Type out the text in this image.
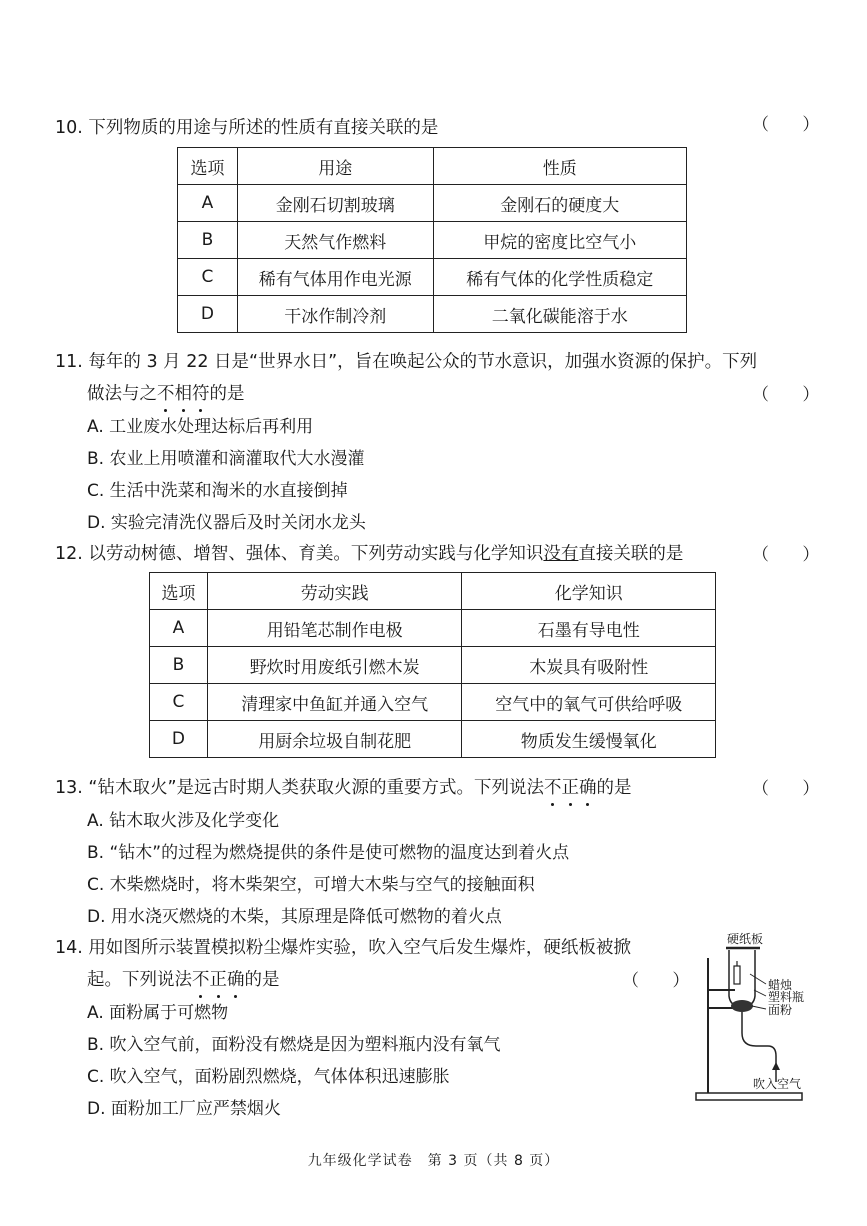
10. 下列物质的用途与所述的性质有直接关联的是	（ ）
选项	用途	性质
A	金刚石切割玻璃	金刚石的硬度大
B	天然气作燃料	甲烷的密度比空气小
C	稀有气体用作电光源	稀有气体的化学性质稳定
D	干冰作制冷剂	二氧化碳能溶于水
11. 每年的 3 月 22 日是“世界水日”，旨在唤起公众的节水意识，加强水资源的保护。下列
做法与之不相符的是	（ ）
A. 工业废水处理达标后再利用
B. 农业上用喷灌和滴灌取代大水漫灌
C. 生活中洗菜和淘米的水直接倒掉
D. 实验完清洗仪器后及时关闭水龙头
12. 以劳动树德、增智、强体、育美。下列劳动实践与化学知识没有直接关联的是	（ ）
选项	劳动实践	化学知识
A	用铅笔芯制作电极	石墨有导电性
B	野炊时用废纸引燃木炭	木炭具有吸附性
C	清理家中鱼缸并通入空气	空气中的氧气可供给呼吸
D	用厨余垃圾自制花肥	物质发生缓慢氧化
13. “钻木取火”是远古时期人类获取火源的重要方式。下列说法不正确的是	（ ）
A. 钻木取火涉及化学变化
B. “钻木”的过程为燃烧提供的条件是使可燃物的温度达到着火点
C. 木柴燃烧时，将木柴架空，可增大木柴与空气的接触面积
D. 用水浇灭燃烧的木柴，其原理是降低可燃物的着火点
14. 用如图所示装置模拟粉尘爆炸实验，吹入空气后发生爆炸，硬纸板被掀
起。下列说法不正确的是	（ ）
A. 面粉属于可燃物
B. 吹入空气前，面粉没有燃烧是因为塑料瓶内没有氧气
C. 吹入空气，面粉剧烈燃烧，气体体积迅速膨胀
D. 面粉加工厂应严禁烟火
硬纸板
蜡烛
塑料瓶
面粉
吹入空气
九年级化学试卷　第 3 页（共 8 页）
